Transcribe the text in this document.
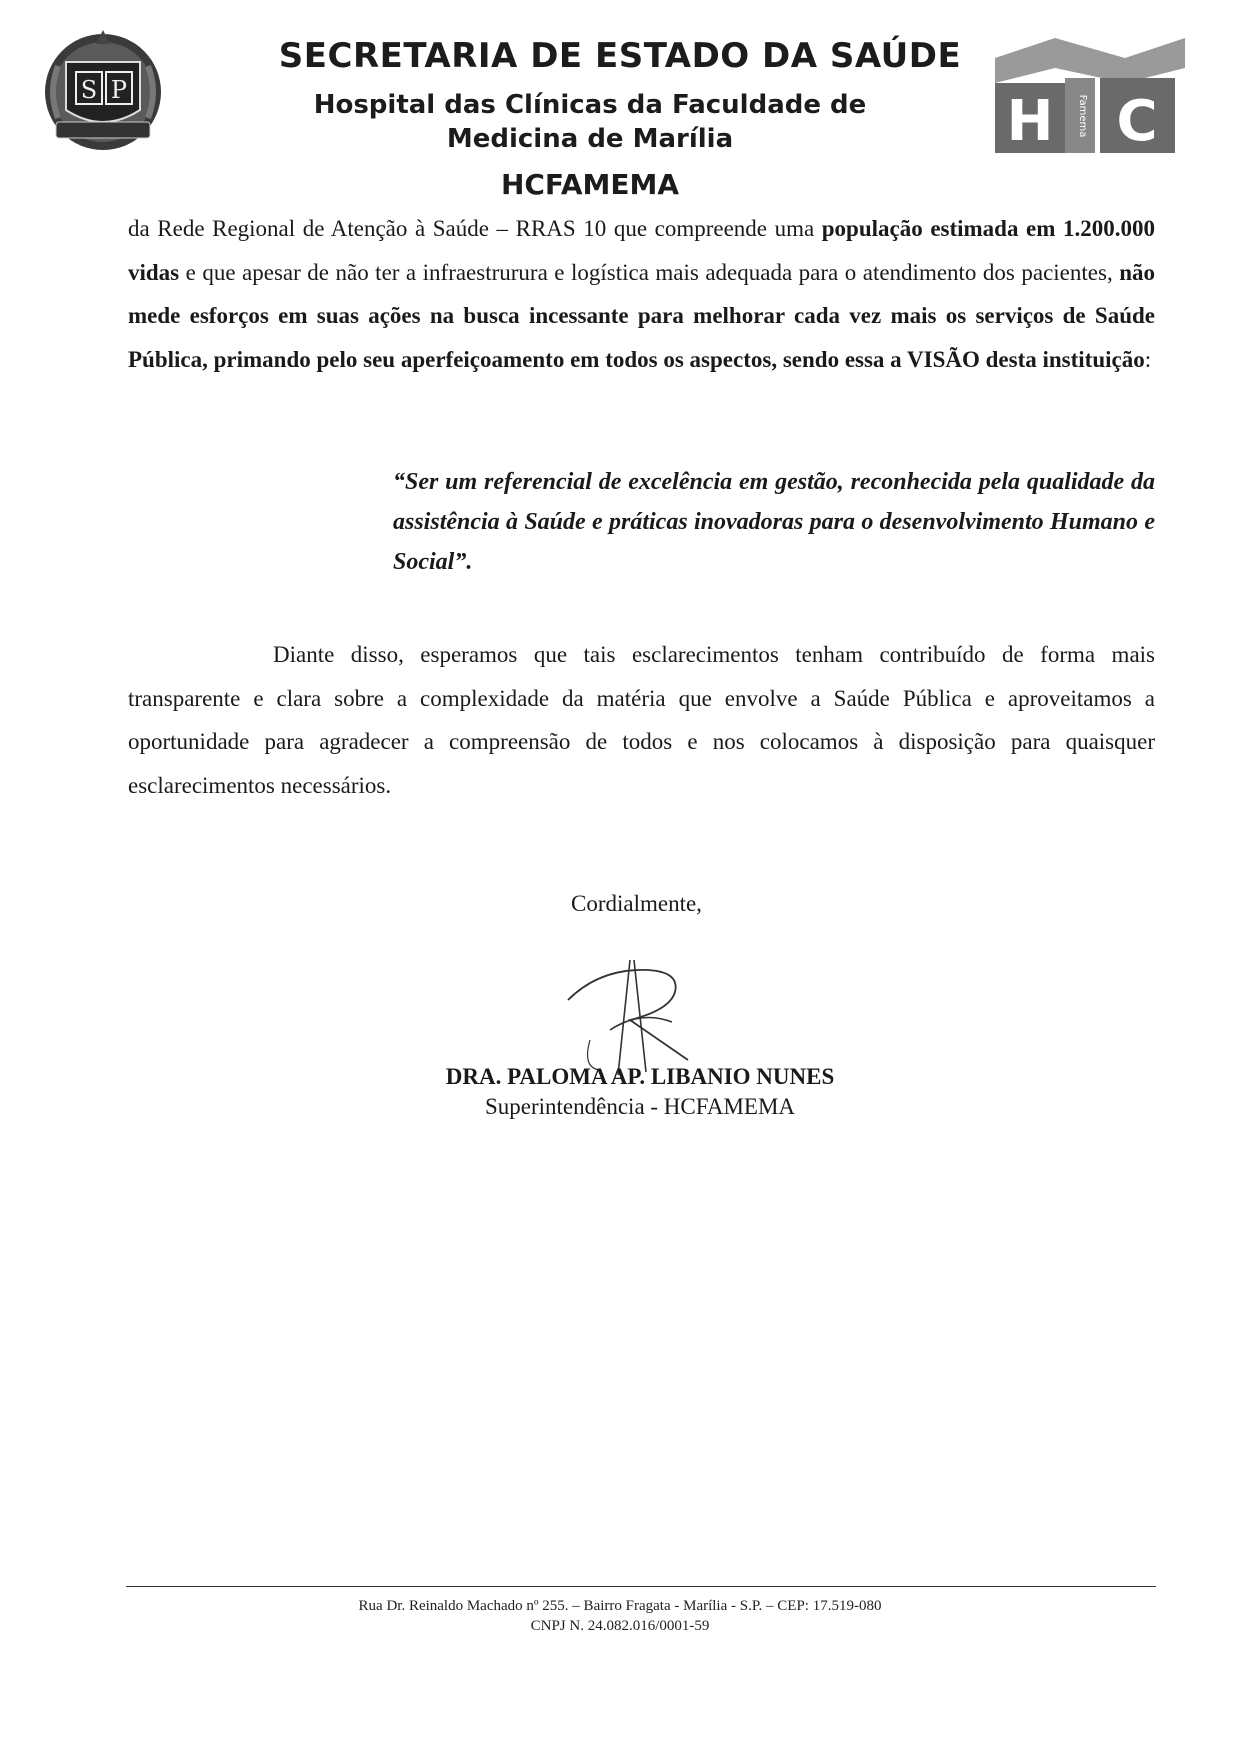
S P
SECRETARIA DE ESTADO DA SAÚDE
Hospital das Clínicas da Faculdade de
Medicina de Marília
HCFAMEMA
H C
Famema

da Rede Regional de Atenção à Saúde – RRAS 10 que compreende uma população estimada em 1.200.000 vidas e que apesar de não ter a infraestrurura e logística mais adequada para o atendimento dos pacientes, não mede esforços em suas ações na busca incessante para melhorar cada vez mais os serviços de Saúde Pública, primando pelo seu aperfeiçoamento em todos os aspectos, sendo essa a VISÃO desta instituição:

“Ser um referencial de excelência em gestão, reconhecida pela qualidade da assistência à Saúde e práticas inovadoras para o desenvolvimento Humano e Social”.

Diante disso, esperamos que tais esclarecimentos tenham contribuído de forma mais transparente e clara sobre a complexidade da matéria que envolve a Saúde Pública e aproveitamos a oportunidade para agradecer a compreensão de todos e nos colocamos à disposição para quaisquer esclarecimentos necessários.

Cordialmente,
DRA. PALOMA AP. LIBANIO NUNES
Superintendência - HCFAMEMA
Rua Dr. Reinaldo Machado nº 255. – Bairro Fragata - Marília - S.P. – CEP: 17.519-080
CNPJ N. 24.082.016/0001-59
